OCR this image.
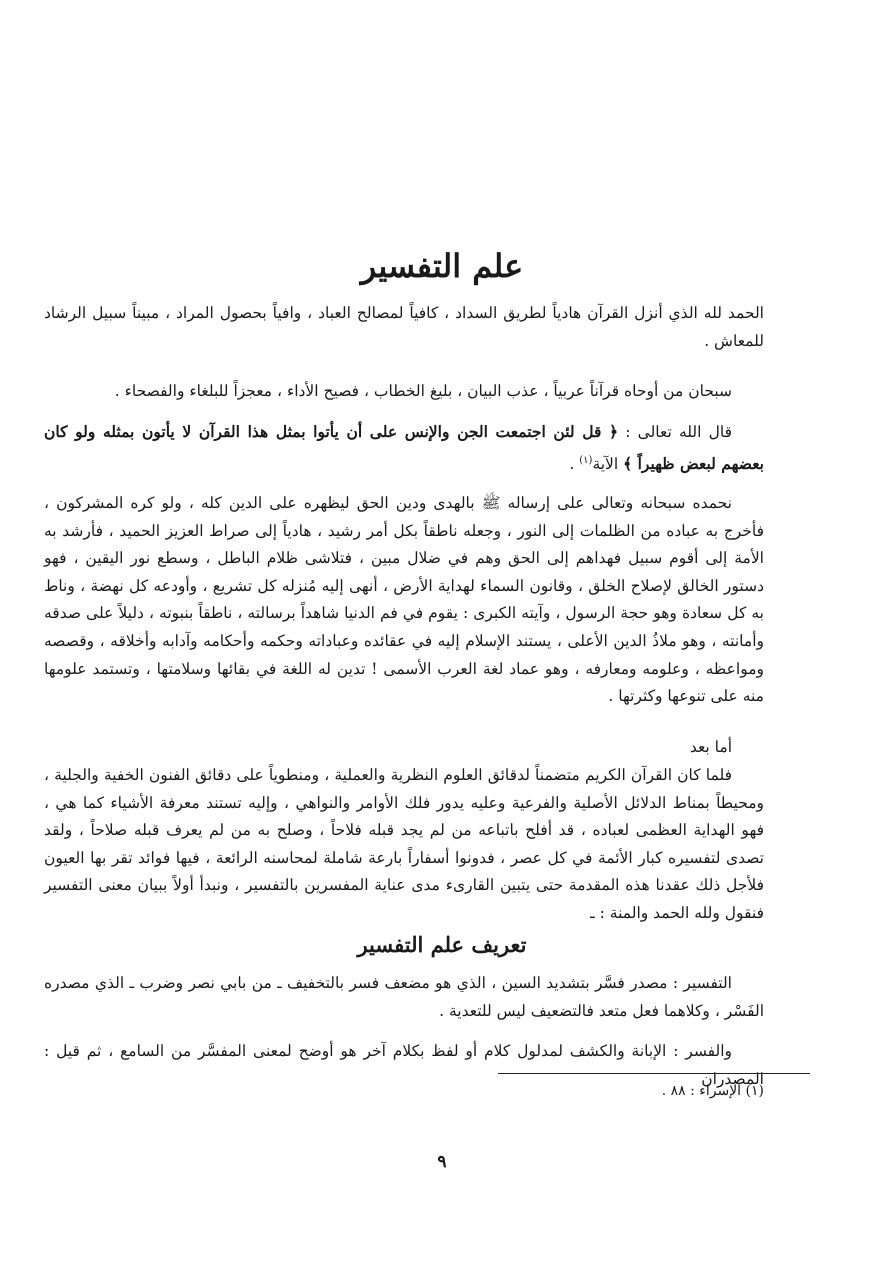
علم التفسير
الحمد لله الذي أنزل القرآن هادياً لطريق السداد ، كافياً لمصالح العباد ، وافياً بحصول المراد ، مبيناً سبيل الرشاد للمعاش .
سبحان من أوحاه قرآناً عربياً ، عذب البيان ، بليغ الخطاب ، فصيح الأداء ، معجزاً للبلغاء والفصحاء .
قال الله تعالى : ﴿ قل لئن اجتمعت الجن والإنس على أن يأتوا بمثل هذا القرآن لا يأتون بمثله ولو كان بعضهم لبعض ظهيراً ﴾ الآية$^{(١)}$ .
نحمده سبحانه وتعالى على إرساله ﷺ بالهدى ودين الحق ليظهره على الدين كله ، ولو كره المشركون ، فأخرج به عباده من الظلمات إلى النور ، وجعله ناطقاً بكل أمر رشيد ، هادياً إلى صراط العزيز الحميد ، فأرشد به الأمة إلى أقوم سبيل فهداهم إلى الحق وهم في ضلال مبين ، فتلاشى ظلام الباطل ، وسطع نور اليقين ، فهو دستور الخالق لإصلاح الخلق ، وقانون السماء لهداية الأرض ، أنهى إليه مُنزله كل تشريع ، وأودعه كل نهضة ، وناط به كل سعادة وهو حجة الرسول ، وآيته الكبرى : يقوم في فم الدنيا شاهداً برسالته ، ناطقاً بنبوته ، دليلاً على صدقه وأمانته ، وهو ملاذُ الدين الأعلى ، يستند الإسلام إليه في عقائده وعباداته وحكمه وأحكامه وآدابه وأخلاقه ، وقصصه ومواعظه ، وعلومه ومعارفه ، وهو عماد لغة العرب الأسمى ! تدين له اللغة في بقائها وسلامتها ، وتستمد علومها منه على تنوعها وكثرتها .
أما بعد
فلما كان القرآن الكريم متضمناً لدقائق العلوم النظرية والعملية ، ومنطوياً على دقائق الفنون الخفية والجلية ، ومحيطاً بمناط الدلائل الأصلية والفرعية وعليه يدور فلك الأوامر والنواهي ، وإليه تستند معرفة الأشياء كما هي ، فهو الهداية العظمى لعباده ، قد أفلح باتباعه من لم يجد قبله فلاحاً ، وصلح به من لم يعرف قبله صلاحاً ، ولقد تصدى لتفسيره كبار الأئمة في كل عصر ، فدونوا أسفاراً بارعة شاملة لمحاسنه الرائعة ، فيها فوائد تقر بها العيون فلأجل ذلك عقدنا هذه المقدمة حتى يتبين القارىء مدى عناية المفسرين بالتفسير ، ونبدأ أولاً ببيان معنى التفسير فنقول ولله الحمد والمنة : ـ
تعريف علم التفسير
التفسير : مصدر فسَّر بتشديد السين ، الذي هو مضعف فسر بالتخفيف ـ من بابي نصر وضرب ـ الذي مصدره الفَسْر ، وكلاهما فعل متعد فالتضعيف ليس للتعدية .
والفسر : الإبانة والكشف لمدلول كلام أو لفظ بكلام آخر هو أوضح لمعنى المفسَّر من السامع ، ثم قيل : المصدران
(١) الإسراء : ٨٨ .
٩
